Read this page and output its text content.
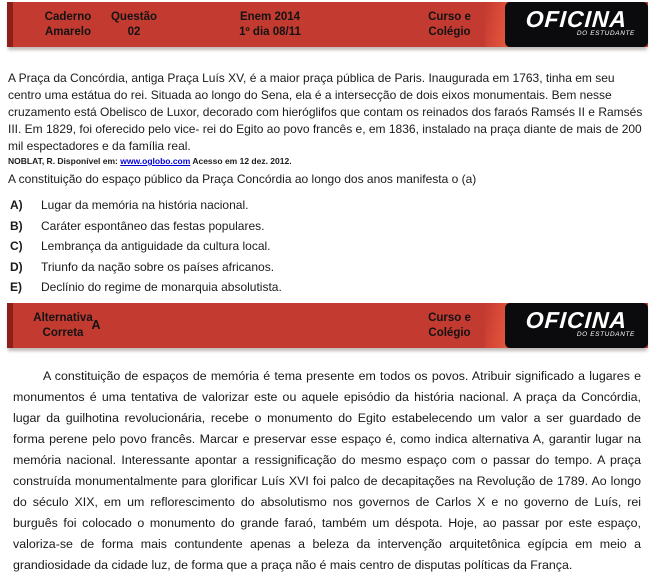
Caderno
Amarelo
Questão
02
Enem 2014
1º dia 08/11
Curso e
Colégio	OFICINA
DO ESTUDANTE

A Praça da Concórdia, antiga Praça Luís XV, é a maior praça pública de Paris. Inaugurada em 1763, tinha em seu centro uma estátua do rei. Situada ao longo do Sena, ela é a intersecção de dois eixos monumentais. Bem nesse cruzamento está Obelisco de Luxor, decorado com hieróglifos que contam os reinados dos faraós Ramsés II e Ramsés III. Em 1829, foi oferecido pelo vice- rei do Egito ao povo francês e, em 1836, instalado na praça diante de mais de 200 mil espectadores e da família real.

NOBLAT, R. Disponível em: www.oglobo.com Acesso em 12 dez. 2012.

A constituição do espaço público da Praça Concórdia ao longo dos anos manifesta o (a)

A)	Lugar da memória na história nacional.
B)	Caráter espontâneo das festas populares.
C)	Lembrança da antiguidade da cultura local.
D)	Triunfo da nação sobre os países africanos.
E)	Declínio do regime de monarquia absolutista.
Alternativa
Correta
A
Curso e
Colégio	OFICINA
DO ESTUDANTE

A constituição de espaços de memória é tema presente em todos os povos. Atribuir significado a lugares e monumentos é uma tentativa de valorizar este ou aquele episódio da história nacional. A praça da Concórdia, lugar da guilhotina revolucionária, recebe o monumento do Egito estabelecendo um valor a ser guardado de forma perene pelo povo francês. Marcar e preservar esse espaço é, como indica alternativa A, garantir lugar na memória nacional. Interessante apontar a ressignificação do mesmo espaço com o passar do tempo. A praça construída monumentalmente para glorificar Luís XVI foi palco de decapitações na Revolução de 1789. Ao longo do século XIX, em um reflorescimento do absolutismo nos governos de Carlos X e no governo de Luís, rei burguês foi colocado o monumento do grande faraó, também um déspota. Hoje, ao passar por este espaço, valoriza-se de forma mais contundente apenas a beleza da intervenção arquitetônica egípcia em meio a grandiosidade da cidade luz, de forma que a praça não é mais centro de disputas políticas da França.
